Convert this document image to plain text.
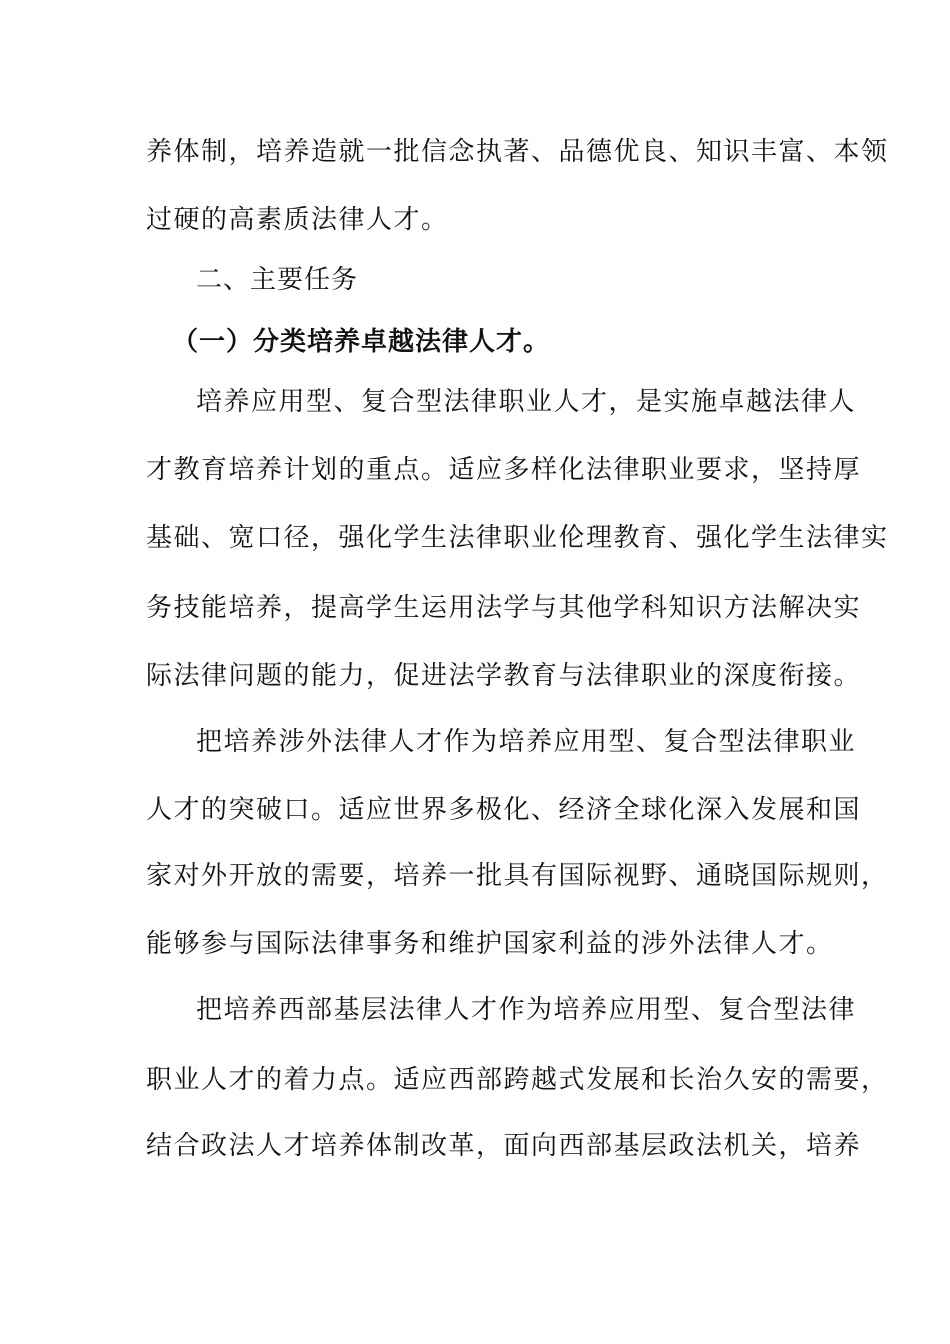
养体制，培养造就一批信念执著、品德优良、知识丰富、本领
过硬的高素质法律人才。
二、主要任务
（一）分类培养卓越法律人才。
培养应用型、复合型法律职业人才，是实施卓越法律人
才教育培养计划的重点。适应多样化法律职业要求，坚持厚
基础、宽口径，强化学生法律职业伦理教育、强化学生法律实
务技能培养，提高学生运用法学与其他学科知识方法解决实
际法律问题的能力，促进法学教育与法律职业的深度衔接。
把培养涉外法律人才作为培养应用型、复合型法律职业
人才的突破口。适应世界多极化、经济全球化深入发展和国
家对外开放的需要，培养一批具有国际视野、通晓国际规则，
能够参与国际法律事务和维护国家利益的涉外法律人才。
把培养西部基层法律人才作为培养应用型、复合型法律
职业人才的着力点。适应西部跨越式发展和长治久安的需要，
结合政法人才培养体制改革，面向西部基层政法机关，培养
